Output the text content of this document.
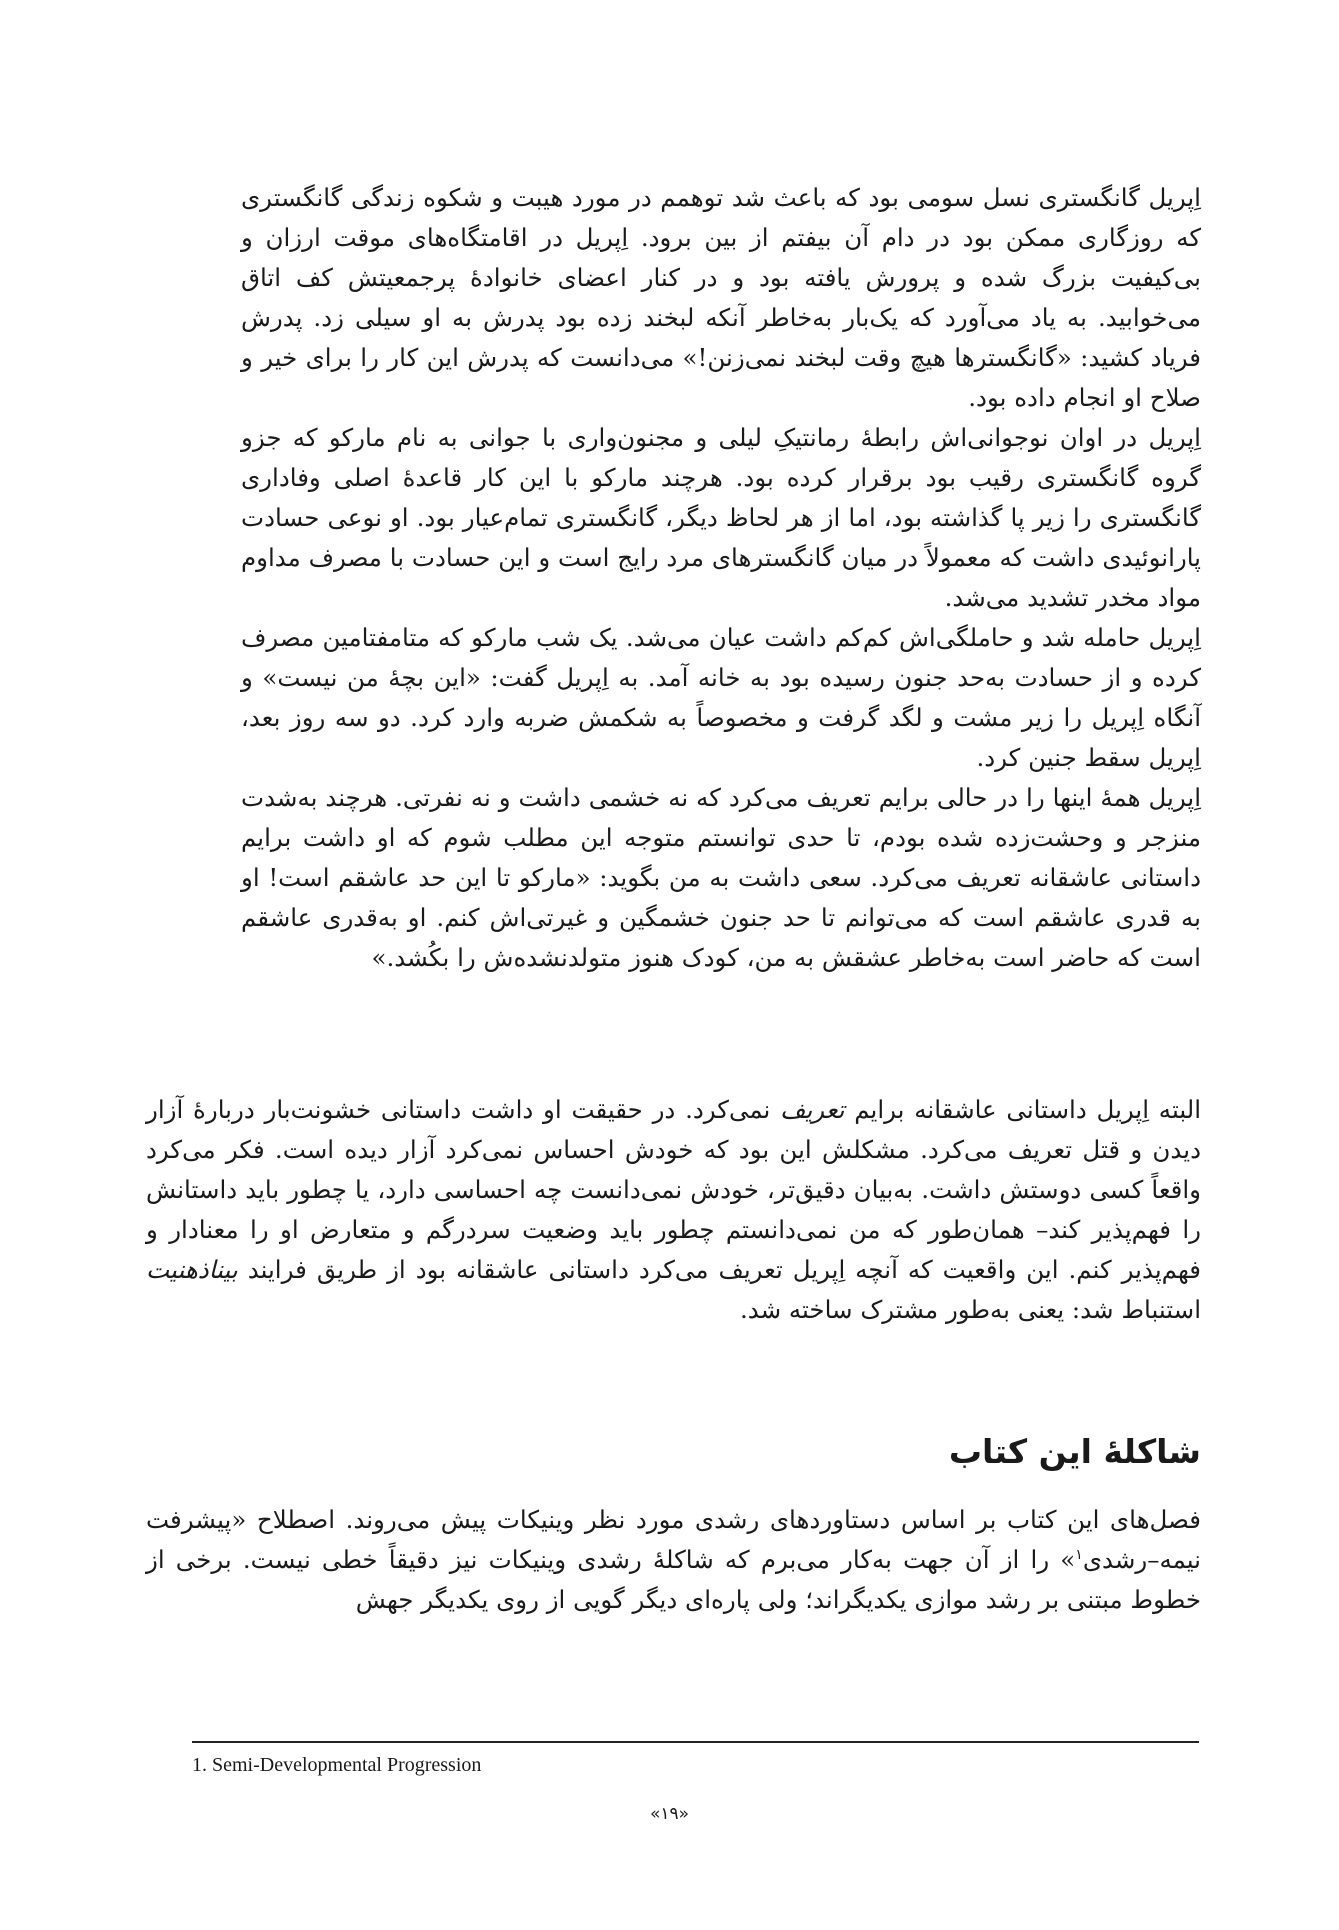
اِپریل گانگستری نسل سومی بود که باعث شد توهمم در مورد هیبت و شکوه زندگی گانگستری که روزگاری ممکن بود در دام آن بیفتم از بین برود. اِپریل در اقامتگاه‌های موقت ارزان و بی‌کیفیت بزرگ شده و پرورش یافته بود و در کنار اعضای خانوادهٔ پرجمعیتش کف اتاق می‌خوابید. به یاد می‌آورد که یک‌بار به‌خاطر آنکه لبخند زده بود پدرش به او سیلی زد. پدرش فریاد کشید: «گانگسترها هیچ وقت لبخند نمی‌زنن!» می‌دانست که پدرش این کار را برای خیر و صلاح او انجام داده بود.

اِپریل در اوان نوجوانی‌اش رابطهٔ رمانتیکِ لیلی و مجنون‌واری با جوانی به نام مارکو که جزو گروه گانگستری رقیب بود برقرار کرده بود. هرچند مارکو با این کار قاعدهٔ اصلی وفاداری گانگستری را زیر پا گذاشته بود، اما از هر لحاظ دیگر، گانگستری تمام‌عیار بود. او نوعی حسادت پارانوئیدی داشت که معمولاً در میان گانگسترهای مرد رایج است و این حسادت با مصرف مداوم مواد مخدر تشدید می‌شد.

اِپریل حامله شد و حاملگی‌اش کم‌کم داشت عیان می‌شد. یک شب مارکو که متامفتامین مصرف کرده و از حسادت به‌حد جنون رسیده بود به خانه آمد. به اِپریل گفت: «این بچهٔ من نیست» و آنگاه اِپریل را زیر مشت و لگد گرفت و مخصوصاً به شکمش ضربه وارد کرد. دو سه روز بعد، اِپریل سقط جنین کرد.

اِپریل همهٔ اینها را در حالی برایم تعریف می‌کرد که نه خشمی داشت و نه نفرتی. هرچند به‌شدت منزجر و وحشت‌زده شده بودم، تا حدی توانستم متوجه این مطلب شوم که او داشت برایم داستانی عاشقانه تعریف می‌کرد. سعی داشت به من بگوید: «مارکو تا این حد عاشقم است! او به قدری عاشقم است که می‌توانم تا حد جنون خشمگین و غیرتی‌اش کنم. او به‌قدری عاشقم است که حاضر است به‌خاطر عشقش به من، کودک هنوز متولدنشده‌ش را بکُشد.»

البته اِپریل داستانی عاشقانه برایم تعریف نمی‌کرد. در حقیقت او داشت داستانی خشونت‌بار دربارهٔ آزار دیدن و قتل تعریف می‌کرد. مشکلش این بود که خودش احساس نمی‌کرد آزار دیده است. فکر می‌کرد واقعاً کسی دوستش داشت. به‌بیان دقیق‌تر، خودش نمی‌دانست چه احساسی دارد، یا چطور باید داستانش را فهم‌پذیر کند– همان‌طور که من نمی‌دانستم چطور باید وضعیت سردرگم و متعارض او را معنادار و فهم‌پذیر کنم. این واقعیت که آنچه اِپریل تعریف می‌کرد داستانی عاشقانه بود از طریق فرایند بیناذهنیت استنباط شد: یعنی به‌طور مشترک ساخته شد.

شاکلهٔ این کتاب

فصل‌های این کتاب بر اساس دستاوردهای رشدی مورد نظر وینیکات پیش می‌روند. اصطلاح «پیشرفت نیمه–رشدی$^۱$» را از آن جهت به‌کار می‌برم که شاکلهٔ رشدی وینیکات نیز دقیقاً خطی نیست. برخی از خطوط مبتنی بر رشد موازی یکدیگراند؛ ولی پاره‌ای دیگر گویی از روی یکدیگر جهش

1. Semi-Developmental Progression

«۱۹»
